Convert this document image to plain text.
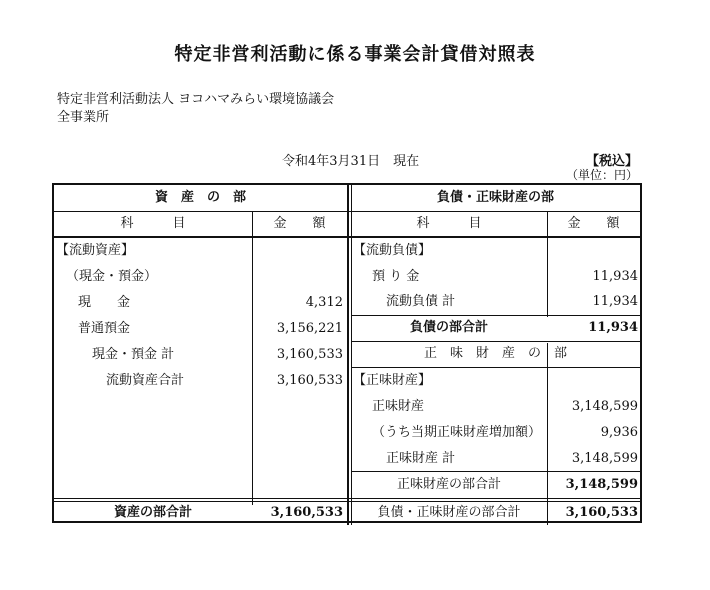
特定非営利活動に係る事業会計貸借対照表
特定非営利活動法人 ヨコハマみらい環境協議会
全事業所
令和4年3月31日　現在	【税込】
（単位：円）
資　産　の　部
科　　　目	金　　額
【流動資産】
（現金・預金）
現　　金	4,312
普通預金	3,156,221
現金・預金 計	3,160,533
流動資産合計	3,160,533
資産の部合計	3,160,533
負債・正味財産の部
科　　　目	金　　額
【流動負債】
預 り 金	11,934
流動負債 計	11,934
負債の部合計	11,934
正　味　財　産　の　部
【正味財産】
正味財産	3,148,599
（うち当期正味財産増加額）	9,936
正味財産 計	3,148,599
正味財産の部合計	3,148,599
負債・正味財産の部合計	3,160,533
